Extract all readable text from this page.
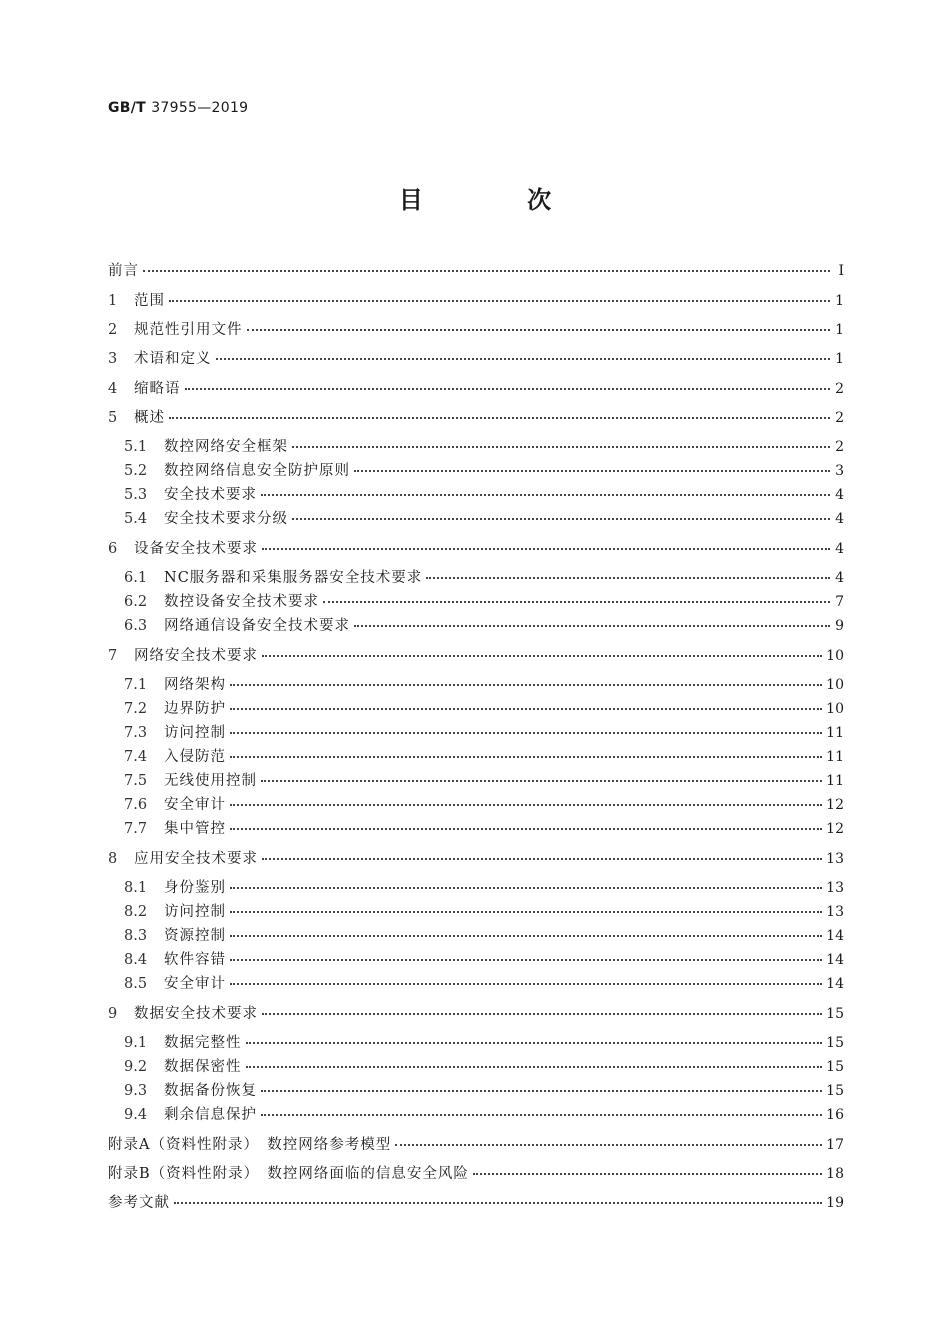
GB/T 37955—2019
目 次
前言	Ⅰ
1	范围	1
2	规范性引用文件	1
3	术语和定义	1
4	缩略语	2
5	概述	2
5.1	数控网络安全框架	2
5.2	数控网络信息安全防护原则	3
5.3	安全技术要求	4
5.4	安全技术要求分级	4
6	设备安全技术要求	4
6.1	NC服务器和采集服务器安全技术要求	4
6.2	数控设备安全技术要求	7
6.3	网络通信设备安全技术要求	9
7	网络安全技术要求	10
7.1	网络架构	10
7.2	边界防护	10
7.3	访问控制	11
7.4	入侵防范	11
7.5	无线使用控制	11
7.6	安全审计	12
7.7	集中管控	12
8	应用安全技术要求	13
8.1	身份鉴别	13
8.2	访问控制	13
8.3	资源控制	14
8.4	软件容错	14
8.5	安全审计	14
9	数据安全技术要求	15
9.1	数据完整性	15
9.2	数据保密性	15
9.3	数据备份恢复	15
9.4	剩余信息保护	16
附录A（资料性附录）　数控网络参考模型	17
附录B（资料性附录）　数控网络面临的信息安全风险	18
参考文献	19
